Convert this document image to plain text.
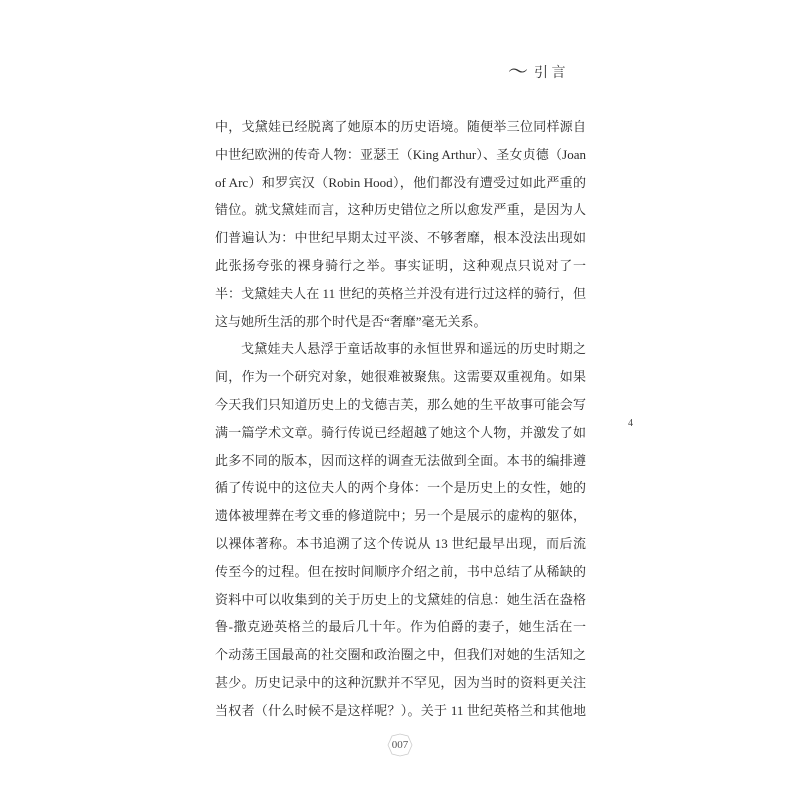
〜 引 言
中，戈黛娃已经脱离了她原本的历史语境。随便举三位同样源自
中世纪欧洲的传奇人物：亚瑟王（King Arthur）、圣女贞德（Joan
of Arc）和罗宾汉（Robin Hood），他们都没有遭受过如此严重的
错位。就戈黛娃而言，这种历史错位之所以愈发严重，是因为人
们普遍认为：中世纪早期太过平淡、不够奢靡，根本没法出现如
此张扬夸张的裸身骑行之举。事实证明，这种观点只说对了一
半：戈黛娃夫人在 11 世纪的英格兰并没有进行过这样的骑行，但
这与她所生活的那个时代是否“奢靡”毫无关系。
戈黛娃夫人悬浮于童话故事的永恒世界和遥远的历史时期之
间，作为一个研究对象，她很难被聚焦。这需要双重视角。如果
今天我们只知道历史上的戈德吉芙，那么她的生平故事可能会写
满一篇学术文章。骑行传说已经超越了她这个人物，并激发了如
此多不同的版本，因而这样的调查无法做到全面。本书的编排遵
循了传说中的这位夫人的两个身体：一个是历史上的女性，她的
遗体被埋葬在考文垂的修道院中；另一个是展示的虚构的躯体，
以裸体著称。本书追溯了这个传说从 13 世纪最早出现，而后流
传至今的过程。但在按时间顺序介绍之前，书中总结了从稀缺的
资料中可以收集到的关于历史上的戈黛娃的信息：她生活在盎格
鲁-撒克逊英格兰的最后几十年。作为伯爵的妻子，她生活在一
个动荡王国最高的社交圈和政治圈之中，但我们对她的生活知之
甚少。历史记录中的这种沉默并不罕见，因为当时的资料更关注
当权者（什么时候不是这样呢？）。关于 11 世纪英格兰和其他地
4
007
